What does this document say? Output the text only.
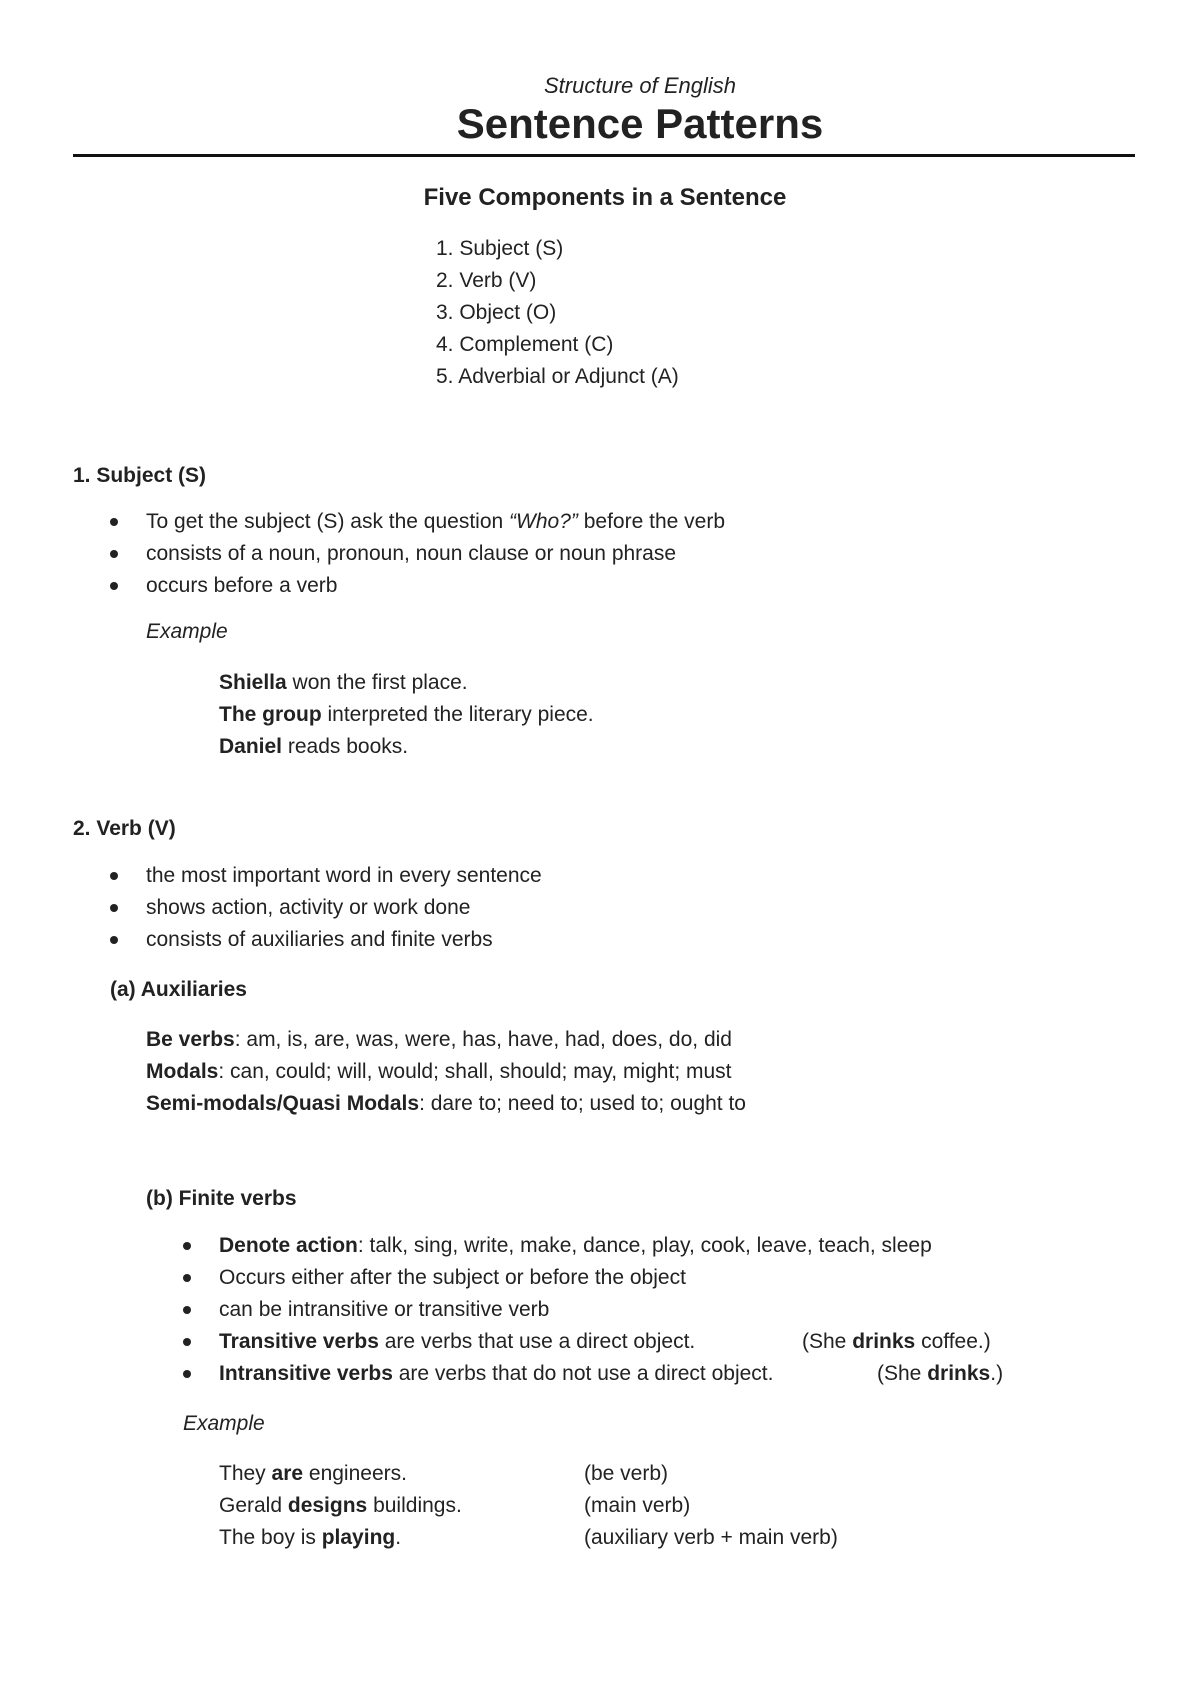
Structure of English
Sentence Patterns
Five Components in a Sentence
1. Subject (S)
2. Verb (V)
3. Object (O)
4. Complement (C)
5. Adverbial or Adjunct (A)
1. Subject (S)
To get the subject (S) ask the question “Who?” before the verb
consists of a noun, pronoun, noun clause or noun phrase
occurs before a verb
Example
Shiella won the first place.
The group interpreted the literary piece.
Daniel reads books.
2. Verb (V)
the most important word in every sentence
shows action, activity or work done
consists of auxiliaries and finite verbs
(a) Auxiliaries
Be verbs: am, is, are, was, were, has, have, had, does, do, did
Modals: can, could; will, would; shall, should; may, might; must
Semi-modals/Quasi Modals: dare to; need to; used to; ought to
(b) Finite verbs
Denote action: talk, sing, write, make, dance, play, cook, leave, teach, sleep
Occurs either after the subject or before the object
can be intransitive or transitive verb
Transitive verbs are verbs that use a direct object.	(She drinks coffee.)
Intransitive verbs are verbs that do not use a direct object.	(She drinks.)
Example
They are engineers.	(be verb)
Gerald designs buildings.	(main verb)
The boy is playing.	(auxiliary verb + main verb)
